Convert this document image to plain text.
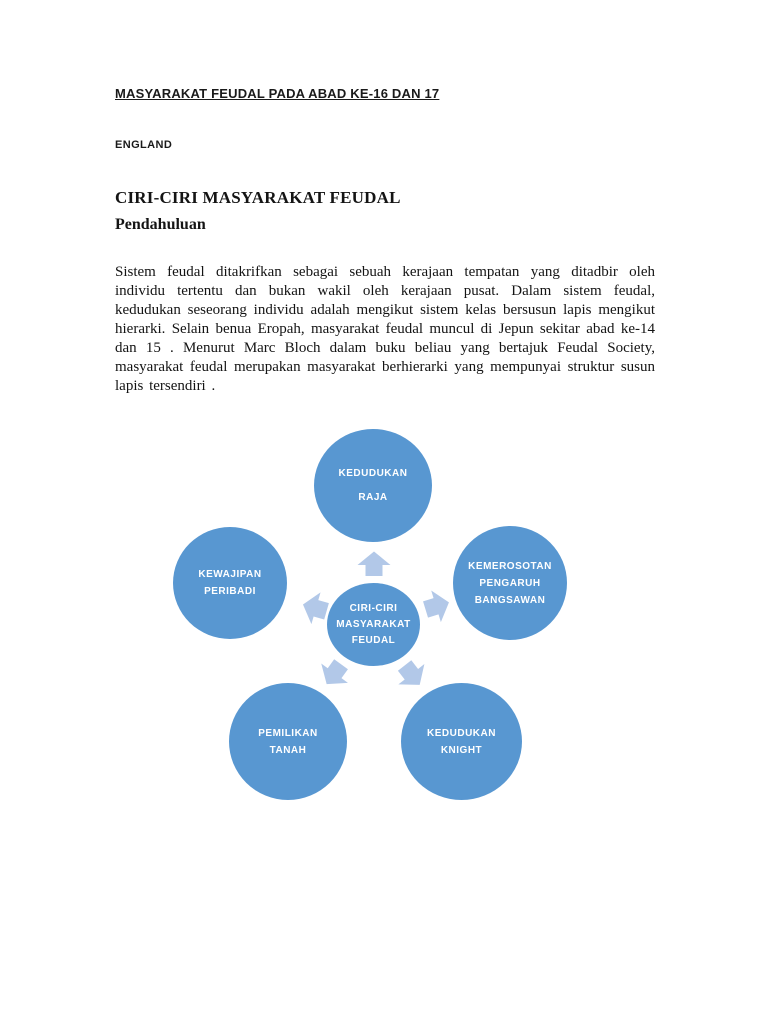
MASYARAKAT FEUDAL PADA ABAD KE-16 DAN 17
ENGLAND
CIRI-CIRI MASYARAKAT FEUDAL
Pendahuluan

Sistem feudal ditakrifkan sebagai sebuah kerajaan tempatan yang ditadbir oleh individu tertentu dan bukan wakil oleh kerajaan pusat. Dalam sistem feudal, kedudukan seseorang individu adalah mengikut sistem kelas bersusun lapis mengikut hierarki. Selain benua Eropah, masyarakat feudal muncul di Jepun sekitar abad ke-14 dan 15 . Menurut Marc Bloch dalam buku beliau yang bertajuk Feudal Society, masyarakat feudal merupakan masyarakat berhierarki yang mempunyai struktur susun lapis tersendiri .

KEDUDUKAN
RAJA
KEMEROSOTAN
PENGARUH
BANGSAWAN
KEDUDUKAN
KNIGHT
PEMILIKAN
TANAH
KEWAJIPAN
PERIBADI
CIRI-CIRI
MASYARAKAT
FEUDAL
